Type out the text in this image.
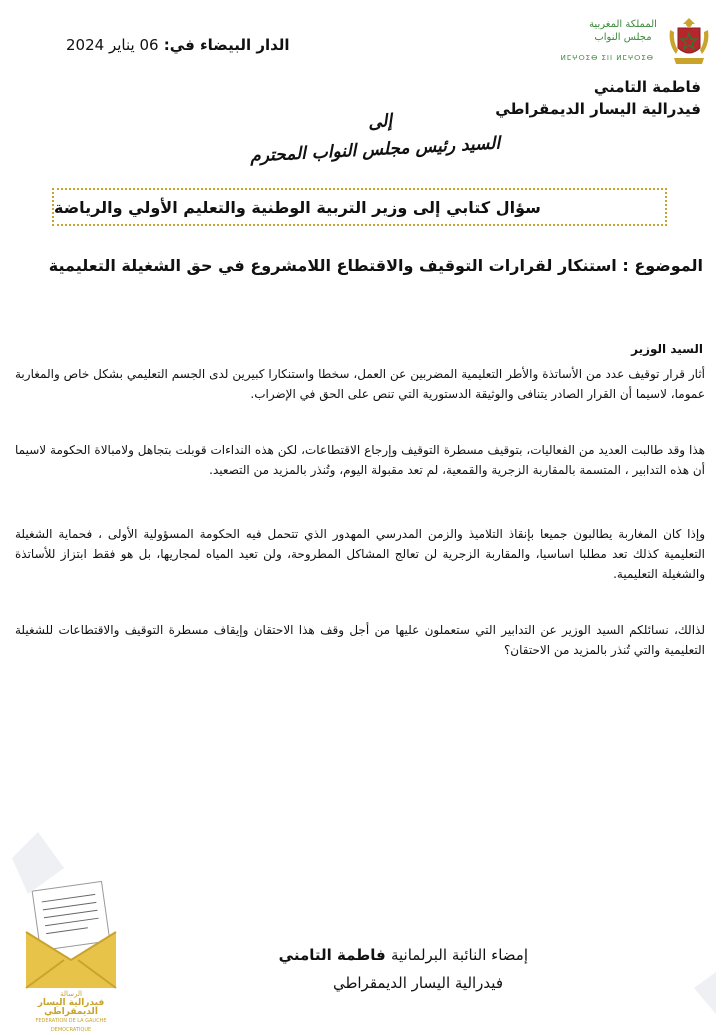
الدار البيضاء في: 06 يناير 2024
المملكة المغربية
مجلس النواب
ⵍⵎⵖⵔⵉⴱ ⵉⵏⵏ ⵍⵎⵖⵔⵉⴱ
فاطمة التامني
فيدرالية اليسار الديمقراطي
إلى
السيد رئيس مجلس النواب المحترم
سؤال كتابي إلى وزير التربية الوطنية والتعليم الأولي والرياضة
الموضوع : استنكار لقرارات التوقيف والاقتطاع اللامشروع في حق الشغيلة التعليمية
السيد الوزير

أثار قرار توقيف عدد من الأساتذة والأطر التعليمية المضربين عن العمل، سخطا واستنكارا كبيرين لدى الجسم التعليمي بشكل خاص والمغاربة عموما، لاسيما أن القرار الصادر يتنافى والوثيقة الدستورية التي تنص على الحق في الإضراب.

هذا وقد طالبت العديد من الفعاليات، بتوقيف مسطرة التوقيف وإرجاع الاقتطاعات، لكن هذه النداءات قوبلت بتجاهل ولامبالاة الحكومة لاسيما أن هذه التدابير ، المتسمة بالمقاربة الزجرية والقمعية، لم تعد مقبولة اليوم، وتُنذر بالمزيد من التصعيد.

وإذا كان المغاربة يطالبون جميعا بإنقاذ التلاميذ والزمن المدرسي المهدور الذي تتحمل فيه الحكومة المسؤولية الأولى ، فحماية الشغيلة التعليمية كذلك تعد مطلبا اساسيا، والمقاربة الزجرية لن تعالج المشاكل المطروحة، ولن تعيد المياه لمجاريها، بل هو فقط ابتزاز للأساتذة والشغيلة التعليمية.

لذالك، نسائلكم السيد الوزير عن التدابير التي ستعملون عليها من أجل وقف هذا الاحتقان وإيقاف مسطرة التوقيف والاقتطاعات للشغيلة التعليمية والتي تُنذر بالمزيد من الاحتقان؟

إمضاء النائبة البرلمانية فاطمة التامني
فيدرالية اليسار الديمقراطي
الرسالة
فيدرالية اليسار الديمقراطي
FEDERATION DE LA GAUCHE DEMOCRATIQUE
